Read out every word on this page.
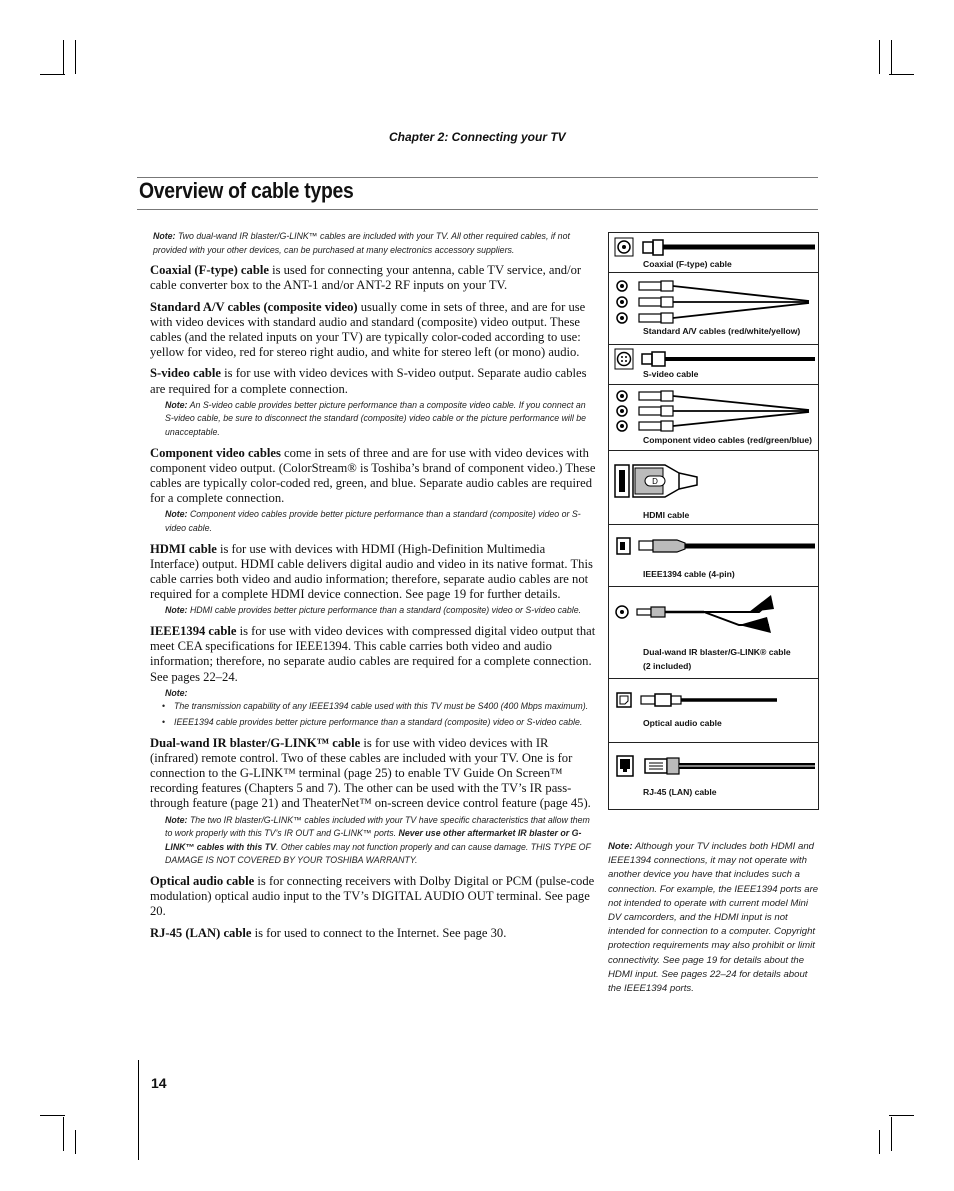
Chapter 2: Connecting your TV
Overview of cable types
Note: Two dual-wand IR blaster/G-LINK™ cables are included with your TV. All other required cables, if not provided with your other devices, can be purchased at many electronics accessory suppliers.

Coaxial (F-type) cable is used for connecting your antenna, cable TV service, and/or cable converter box to the ANT-1 and/or ANT-2 RF inputs on your TV.

Standard A/V cables (composite video) usually come in sets of three, and are for use with video devices with standard audio and standard (composite) video output. These cables (and the related inputs on your TV) are typically color-coded according to use: yellow for video, red for stereo right audio, and white for stereo left (or mono) audio.

S-video cable is for use with video devices with S-video output. Separate audio cables are required for a complete connection.

Note: An S-video cable provides better picture performance than a composite video cable. If you connect an S-video cable, be sure to disconnect the standard (composite) video cable or the picture performance will be unacceptable.

Component video cables come in sets of three and are for use with video devices with component video output. (ColorStream® is Toshiba’s brand of component video.) These cables are typically color-coded red, green, and blue. Separate audio cables are required for a complete connection.

Note: Component video cables provide better picture performance than a standard (composite) video or S-video cable.

HDMI cable is for use with devices with HDMI (High-Definition Multimedia Interface) output. HDMI cable delivers digital audio and video in its native format. This cable carries both video and audio information; therefore, separate audio cables are not required for a complete HDMI device connection. See page 19 for further details.

Note: HDMI cable provides better picture performance than a standard (composite) video or S-video cable.

IEEE1394 cable is for use with video devices with compressed digital video output that meet CEA specifications for IEEE1394. This cable carries both video and audio information; therefore, no separate audio cables are required for a complete connection. See pages 22–24.

Note:
• The transmission capability of any IEEE1394 cable used with this TV must be S400 (400 Mbps maximum).
• IEEE1394 cable provides better picture performance than a standard (composite) video or S-video cable.

Dual-wand IR blaster/G-LINK™ cable is for use with video devices with IR (infrared) remote control. Two of these cables are included with your TV. One is for connection to the G-LINK™ terminal (page 25) to enable TV Guide On Screen™ recording features (Chapters 5 and 7). The other can be used with the TV’s IR pass-through feature (page 21) and TheaterNet™ on-screen device control feature (page 45).

Note: The two IR blaster/G-LINK™ cables included with your TV have specific characteristics that allow them to work properly with this TV’s IR OUT and G-LINK™ ports. Never use other aftermarket IR blaster or G-LINK™ cables with this TV. Other cables may not function properly and can cause damage. THIS TYPE OF DAMAGE IS NOT COVERED BY YOUR TOSHIBA WARRANTY.

Optical audio cable is for connecting receivers with Dolby Digital or PCM (pulse-code modulation) optical audio input to the TV’s DIGITAL AUDIO OUT terminal. See page 20.

RJ-45 (LAN) cable is for used to connect to the Internet. See page 30.

Coaxial (F-type) cable
Standard A/V cables (red/white/yellow)
S-video cable
Component video cables (red/green/blue)
D
HDMI cable
IEEE1394 cable (4-pin)
Dual-wand IR blaster/G-LINK® cable
(2 included)
Optical audio cable
RJ-45 (LAN) cable
Note: Although your TV includes both HDMI and IEEE1394 connections, it may not operate with another device you have that includes such a connection. For example, the IEEE1394 ports are not intended to operate with current model Mini DV camcorders, and the HDMI input is not intended for connection to a computer. Copyright protection requirements may also prohibit or limit connectivity. See page 19 for details about the HDMI input. See pages 22–24 for details about the IEEE1394 ports.
14
